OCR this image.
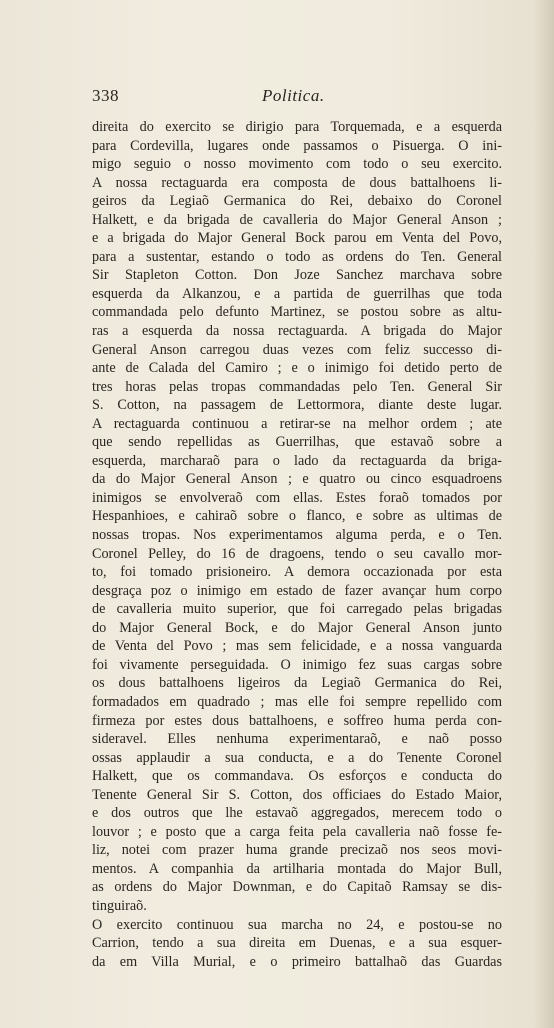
338	Politica.
direita do exercito se dirigio para Torquemada, e a esquerda
para Cordevilla, lugares onde passamos o Pisuerga. O ini-
migo seguio o nosso movimento com todo o seu exercito.
A nossa rectaguarda era composta de dous battalhoens li-
geiros da Legiaõ Germanica do Rei, debaixo do Coronel
Halkett, e da brigada de cavalleria do Major General Anson ;
e a brigada do Major General Bock parou em Venta del Povo,
para a sustentar, estando o todo as ordens do Ten. General
Sir Stapleton Cotton. Don Joze Sanchez marchava sobre
esquerda da Alkanzou, e a partida de guerrilhas que toda
commandada pelo defunto Martinez, se postou sobre as altu-
ras a esquerda da nossa rectaguarda. A brigada do Major
General Anson carregou duas vezes com feliz successo di-
ante de Calada del Camiro ; e o inimigo foi detido perto de
tres horas pelas tropas commandadas pelo Ten. General Sir
S. Cotton, na passagem de Lettormora, diante deste lugar.
A rectaguarda continuou a retirar-se na melhor ordem ; ate
que sendo repellidas as Guerrilhas, que estavaõ sobre a
esquerda, marcharaõ para o lado da rectaguarda da briga-
da do Major General Anson ; e quatro ou cinco esquadroens
inimigos se envolveraõ com ellas. Estes foraõ tomados por
Hespanhioes, e cahiraõ sobre o flanco, e sobre as ultimas de
nossas tropas. Nos experimentamos alguma perda, e o Ten.
Coronel Pelley, do 16 de dragoens, tendo o seu cavallo mor-
to, foi tomado prisioneiro. A demora occazionada por esta
desgraça poz o inimigo em estado de fazer avançar hum corpo
de cavalleria muito superior, que foi carregado pelas brigadas
do Major General Bock, e do Major General Anson junto
de Venta del Povo ; mas sem felicidade, e a nossa vanguarda
foi vivamente perseguidada. O inimigo fez suas cargas sobre
os dous battalhoens ligeiros da Legiaõ Germanica do Rei,
formadados em quadrado ; mas elle foi sempre repellido com
firmeza por estes dous battalhoens, e soffreo huma perda con-
sideravel. Elles nenhuma experimentaraõ, e naõ posso
ossas applaudir a sua conducta, e a do Tenente Coronel
Halkett, que os commandava. Os esforços e conducta do
Tenente General Sir S. Cotton, dos officiaes do Estado Maior,
e dos outros que lhe estavaõ aggregados, merecem todo o
louvor ; e posto que a carga feita pela cavalleria naõ fosse fe-
liz, notei com prazer huma grande precizaõ nos seos movi-
mentos. A companhia da artilharia montada do Major Bull,
as ordens do Major Downman, e do Capitaõ Ramsay se dis-
tinguiraõ.
O exercito continuou sua marcha no 24, e postou-se no
Carrion, tendo a sua direita em Duenas, e a sua esquer-
da em Villa Murial, e o primeiro battalhaõ das Guardas
